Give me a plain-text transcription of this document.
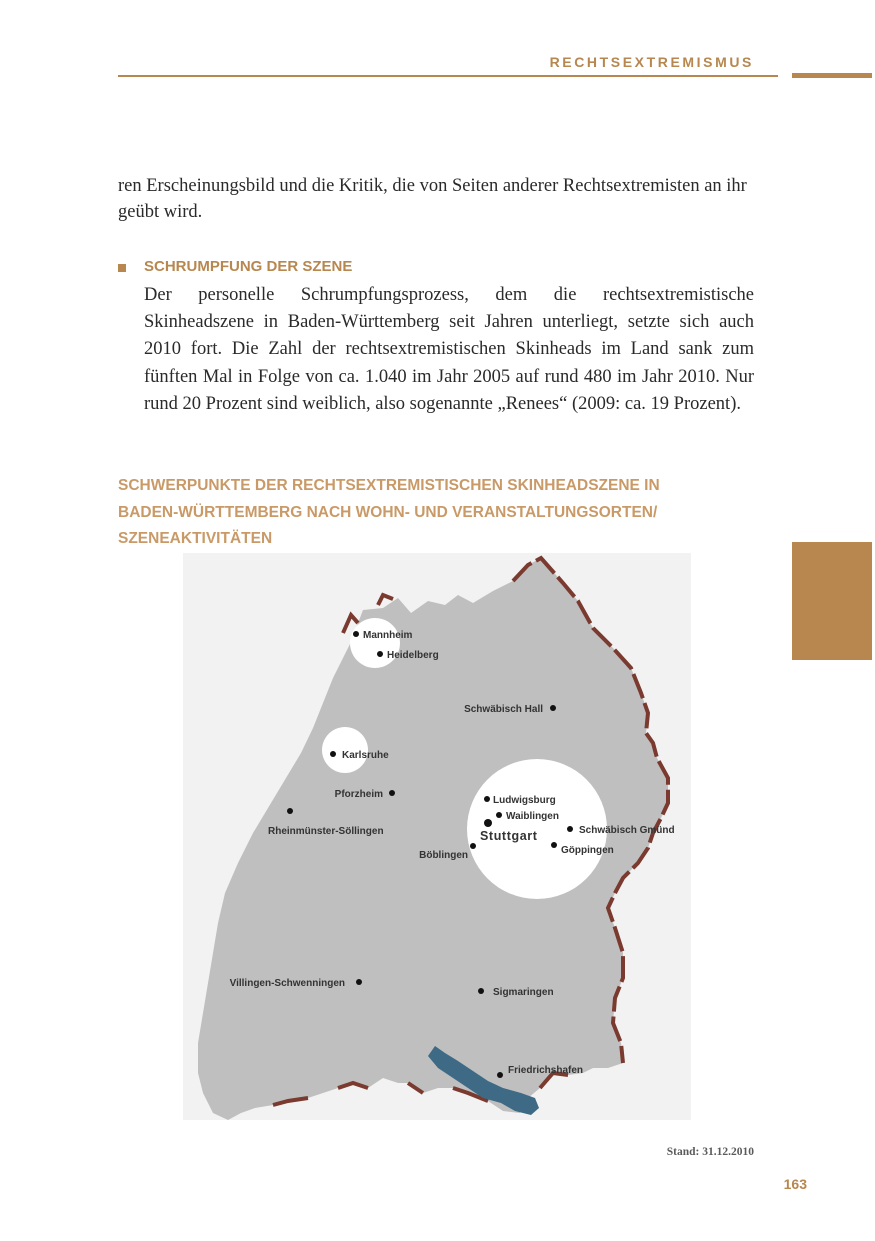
RECHTSEXTREMISMUS

ren Erscheinungsbild und die Kritik, die von Seiten anderer Rechtsextremisten an ihr geübt wird.

SCHRUMPFUNG DER SZENE

Der personelle Schrumpfungsprozess, dem die rechtsextremistische Skinheadszene in Baden-Württemberg seit Jahren unterliegt, setzte sich auch 2010 fort. Die Zahl der rechtsextremistischen Skinheads im Land sank zum fünften Mal in Folge von ca. 1.040 im Jahr 2005 auf rund 480 im Jahr 2010. Nur rund 20 Prozent sind weiblich, also sogenannte „Renees“ (2009: ca. 19 Prozent).

SCHWERPUNKTE DER RECHTSEXTREMISTISCHEN SKINHEADSZENE IN
BADEN-WÜRTTEMBERG NACH WOHN- UND VERANSTALTUNGSORTEN/
SZENEAKTIVITÄTEN
Mannheim
Heidelberg
Schwäbisch Hall
Karlsruhe
Pforzheim
Rheinmünster-Söllingen
Ludwigsburg
Waiblingen
Stuttgart	Schwäbisch Gmünd
Göppingen
Böblingen
Villingen-Schwenningen
Sigmaringen
Friedrichshafen
Stand: 31.12.2010
163
